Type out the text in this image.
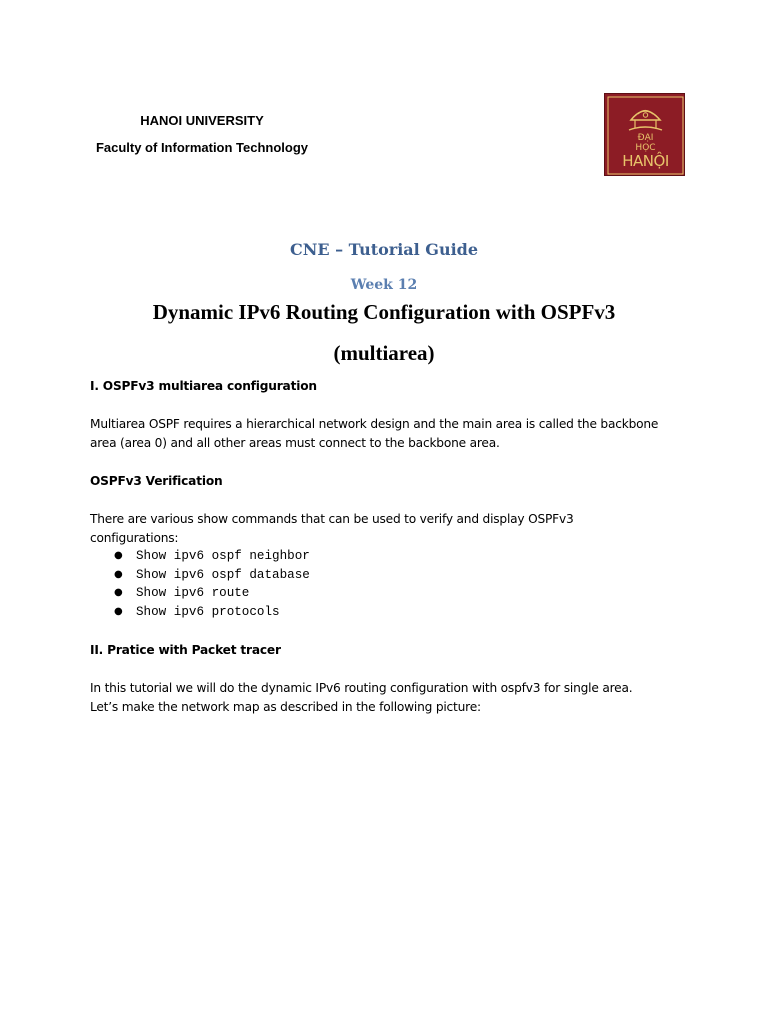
HANOI UNIVERSITY
Faculty of Information Technology
ĐẠI
HỌC
HANỘI
CNE – Tutorial Guide
Week 12
Dynamic IPv6 Routing Configuration with OSPFv3
(multiarea)
I. OSPFv3 multiarea configuration
Multiarea OSPF requires a hierarchical network design and the main area is called the backbone
area (area 0) and all other areas must connect to the backbone area.
OSPFv3 Verification
There are various show commands that can be used to verify and display OSPFv3
configurations:
● Show ipv6 ospf neighbor
● Show ipv6 ospf database
● Show ipv6 route
● Show ipv6 protocols
II. Pratice with Packet tracer
In this tutorial we will do the dynamic IPv6 routing configuration with ospfv3 for single area.
Let’s make the network map as described in the following picture:
